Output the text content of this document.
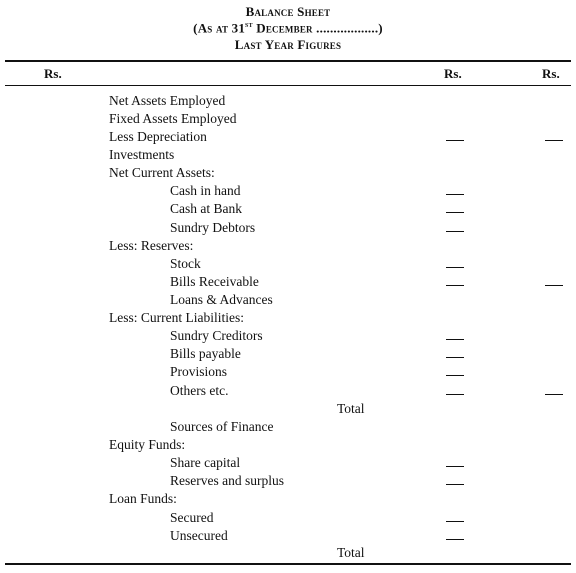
Balance Sheet
(As at 31st December ..................)
Last Year Figures
Rs.	Rs.	Rs.
Net Assets Employed
Fixed Assets Employed
Less Depreciation
Investments
Net Current Assets:
Cash in hand
Cash at Bank
Sundry Debtors
Less: Reserves:
Stock
Bills Receivable
Loans & Advances
Less: Current Liabilities:
Sundry Creditors
Bills payable
Provisions
Others etc.
Sources of Finance
Equity Funds:
Share capital
Reserves and surplus
Loan Funds:
Secured
Unsecured
Total
Total
